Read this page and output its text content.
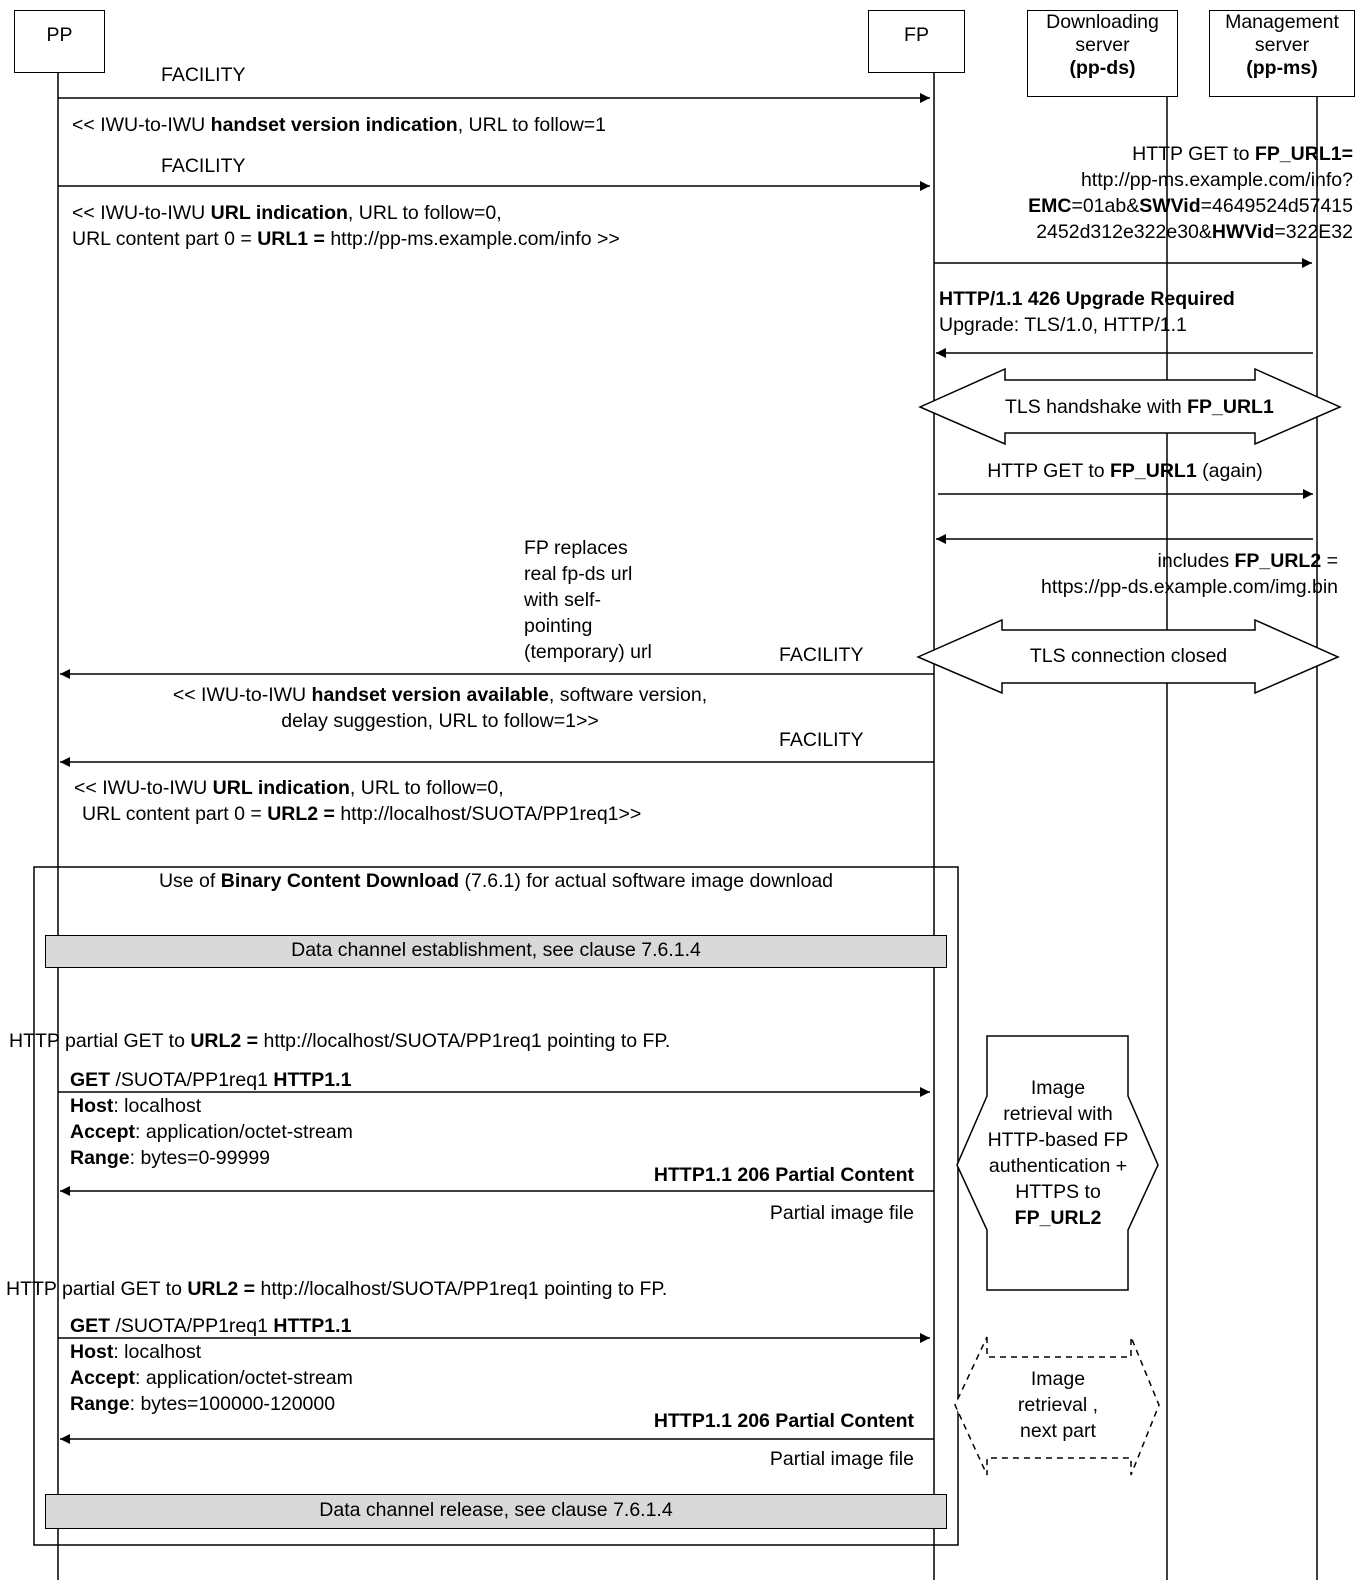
PP	FP
Downloading
server
(pp-ds)
Management
server
(pp-ms)
FACILITY
<< IWU-to-IWU handset version indication, URL to follow=1
FACILITY
<< IWU-to-IWU URL indication, URL to follow=0,
URL content part 0 = URL1 = http://pp-ms.example.com/info >>
HTTP GET to FP_URL1=
http://pp-ms.example.com/info?
EMC=01ab&SWVid=4649524d57415
2452d312e322e30&HWVid=322E32
HTTP/1.1 426 Upgrade Required
Upgrade: TLS/1.0, HTTP/1.1
TLS handshake with FP_URL1
HTTP GET to FP_URL1 (again)
includes FP_URL2 =
https://pp-ds.example.com/img.bin
TLS connection closed
FP replaces
real fp-ds url
with self-
pointing
(temporary) url	FACILITY
<< IWU-to-IWU handset version available, software version,
delay suggestion, URL to follow=1>>
FACILITY
<< IWU-to-IWU URL indication, URL to follow=0,
URL content part 0 = URL2 = http://localhost/SUOTA/PP1req1>>
Use of Binary Content Download (7.6.1) for actual software image download
Data channel establishment, see clause 7.6.1.4
HTTP partial GET to URL2 = http://localhost/SUOTA/PP1req1 pointing to FP.
GET /SUOTA/PP1req1 HTTP1.1
Host: localhost
Accept: application/octet-stream
Range: bytes=0-99999
HTTP1.1 206 Partial Content
Partial image file
Image
retrieval with
HTTP-based FP
authentication +
HTTPS to
FP_URL2
HTTP partial GET to URL2 = http://localhost/SUOTA/PP1req1 pointing to FP.
GET /SUOTA/PP1req1 HTTP1.1
Host: localhost
Accept: application/octet-stream
Range: bytes=100000-120000
HTTP1.1 206 Partial Content
Partial image file
Image
retrieval ,
next part
Data channel release, see clause 7.6.1.4
